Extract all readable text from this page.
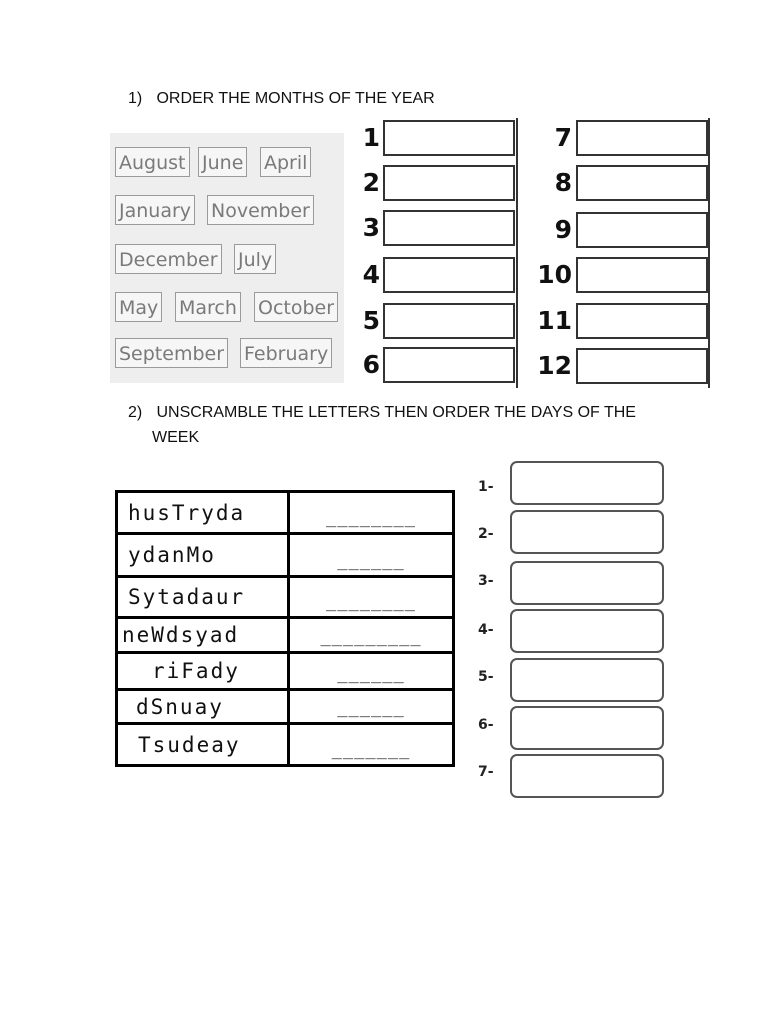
1) ORDER THE MONTHS OF THE YEAR
August June April
January November
December July
May March October
September February
1
2
3
4
5
6
7
8
9
10
11
12
2) UNSCRAMBLE THE LETTERS THEN ORDER THE DAYS OF THE
WEEK
husTryda	________
ydanMo	______
Sytadaur	________
neWdsyad	_________
riFady	______
dSnuay	______
Tsudeay	_______
1-
2-
3-
4-
5-
6-
7-
